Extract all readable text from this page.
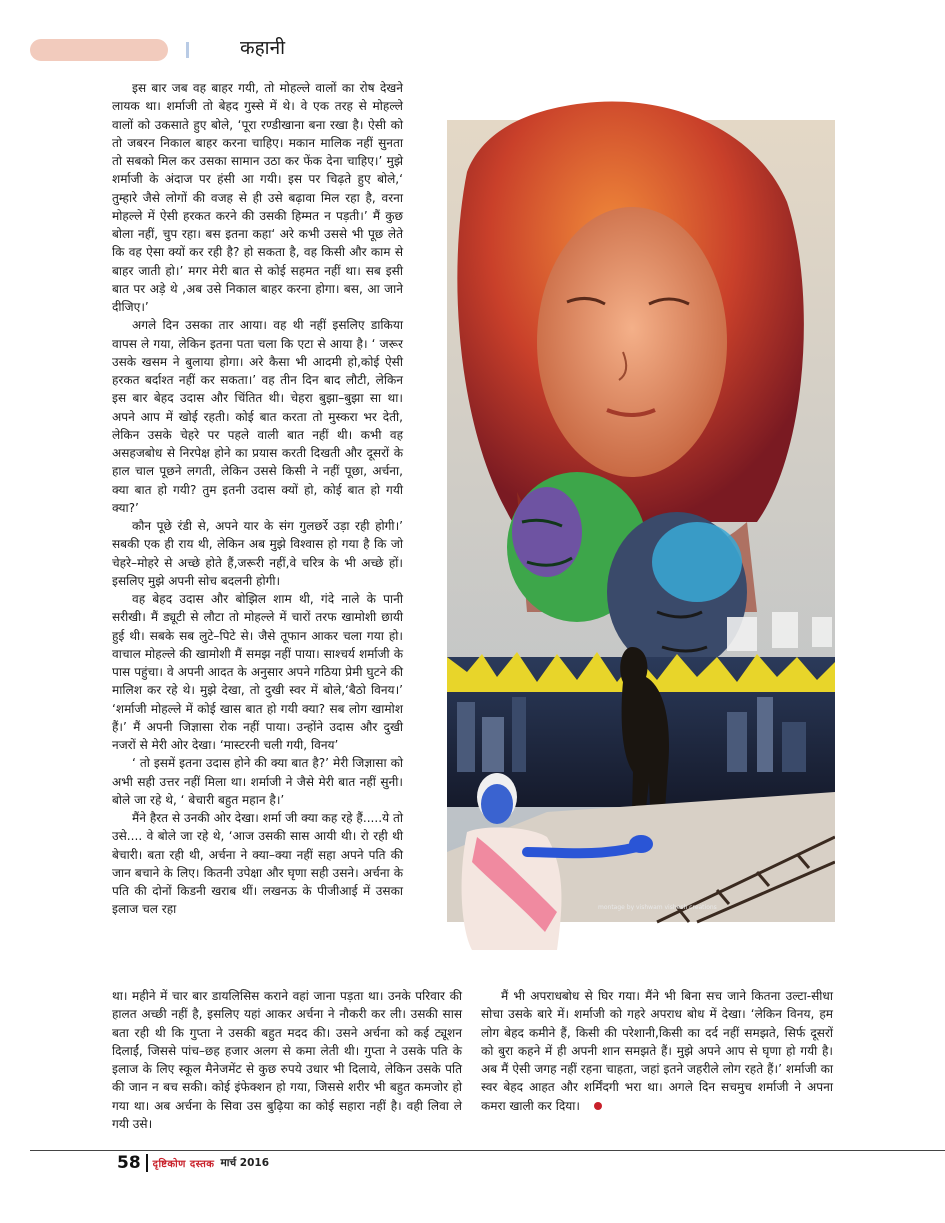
कहानी

इस बार जब वह बाहर गयी, तो मोहल्ले वालों का रोष देखने लायक था। शर्माजी तो बेहद गुस्से में थे। वे एक तरह से मोहल्ले वालों को उकसाते हुए बोले, ‘पूरा रण्डीखाना बना रखा है। ऐसी को तो जबरन निकाल बाहर करना चाहिए। मकान मालिक नहीं सुनता तो सबको मिल कर उसका सामान उठा कर फेंक देना चाहिए।’ मुझे शर्माजी के अंदाज पर हंसी आ गयी। इस पर चिढ़ते हुए बोले,‘ तुम्हारे जैसे लोगों की वजह से ही उसे बढ़ावा मिल रहा है, वरना मोहल्ले में ऐसी हरकत करने की उसकी हिम्मत न पड़ती।’ मैं कुछ बोला नहीं, चुप रहा। बस इतना कहा‘ अरे कभी उससे भी पूछ लेते कि वह ऐसा क्यों कर रही है? हो सकता है, वह किसी और काम से बाहर जाती हो।’ मगर मेरी बात से कोई सहमत नहीं था। सब इसी बात पर अड़े थे ,अब उसे निकाल बाहर करना होगा। बस, आ जाने दीजिए।’

अगले दिन उसका तार आया। वह थी नहीं इसलिए डाकिया वापस ले गया, लेकिन इतना पता चला कि एटा से आया है। ‘ जरूर उसके खसम ने बुलाया होगा। अरे कैसा भी आदमी हो,कोई ऐसी हरकत बर्दाश्त नहीं कर सकता।’ वह तीन दिन बाद लौटी, लेकिन इस बार बेहद उदास और चिंतित थी। चेहरा बुझा–बुझा सा था। अपने आप में खोई रहती। कोई बात करता तो मुस्करा भर देती, लेकिन उसके चेहरे पर पहले वाली बात नहीं थी। कभी वह असहजबोध से निरपेक्ष होने का प्रयास करती दिखती और दूसरों के हाल चाल पूछने लगती, लेकिन उससे किसी ने नहीं पूछा, अर्चना, क्या बात हो गयी? तुम इतनी उदास क्यों हो, कोई बात हो गयी क्या?’

कौन पूछे रंडी से, अपने यार के संग गुलछर्रे उड़ा रही होगी।’ सबकी एक ही राय थी, लेकिन अब मुझे विश्वास हो गया है कि जो चेहरे–मोहरे से अच्छे होते हैं,जरूरी नहीं,वे चरित्र के भी अच्छे हों। इसलिए मुझे अपनी सोच बदलनी होगी।

वह बेहद उदास और बोझिल शाम थी, गंदे नाले के पानी सरीखी। मैं ड्यूटी से लौटा तो मोहल्ले में चारों तरफ खामोशी छायी हुई थी। सबके सब लुटे–पिटे से। जैसे तूफान आकर चला गया हो। वाचाल मोहल्ले की खामोशी मैं समझ नहीं पाया। साश्चर्य शर्माजी के पास पहुंचा। वे अपनी आदत के अनुसार अपने गठिया प्रेमी घुटने की मालिश कर रहे थे। मुझे देखा, तो दुखी स्वर में बोले,‘बैठो विनय।’ ‘शर्माजी मोहल्ले में कोई खास बात हो गयी क्या? सब लोग खामोश हैं।’ मैं अपनी जिज्ञासा रोक नहीं पाया। उन्होंने उदास और दुखी नजरों से मेरी ओर देखा। ‘मास्टरनी चली गयी, विनय’

‘ तो इसमें इतना उदास होने की क्या बात है?’ मेरी जिज्ञासा को अभी सही उत्तर नहीं मिला था। शर्माजी ने जैसे मेरी बात नहीं सुनी। बोले जा रहे थे, ‘ बेचारी बहुत महान है।’

मैंने हैरत से उनकी ओर देखा। शर्मा जी क्या कह रहे हैं.....ये तो उसे.... वे बोले जा रहे थे, ‘आज उसकी सास आयी थी। रो रही थी बेचारी। बता रही थी, अर्चना ने क्या–क्या नहीं सहा अपने पति की जान बचाने के लिए। कितनी उपेक्षा और घृणा सही उसने। अर्चना के पति की दोनों किडनी खराब थीं। लखनऊ के पीजीआई में उसका इलाज चल रहा	montage by vishwam vishesh creations

था। महीने में चार बार डायलिसिस कराने वहां जाना पड़ता था। उनके परिवार की हालत अच्छी नहीं है, इसलिए यहां आकर अर्चना ने नौकरी कर ली। उसकी सास बता रही थी कि गुप्ता ने उसकी बहुत मदद की। उसने अर्चना को कई ट्यूशन दिलाईं, जिससे पांच–छह हजार अलग से कमा लेती थी। गुप्ता ने उसके पति के इलाज के लिए स्कूल मैनेजमेंट से कुछ रुपये उधार भी दिलाये, लेकिन उसके पति की जान न बच सकी। कोई इंफेक्शन हो गया, जिससे शरीर भी बहुत कमजोर हो गया था। अब अर्चना के सिवा उस बुढ़िया का कोई सहारा नहीं है। वही लिवा ले गयी उसे।

मैं भी अपराधबोध से घिर गया। मैंने भी बिना सच जाने कितना उल्टा-सीधा सोचा उसके बारे में। शर्माजी को गहरे अपराध बोध में देखा। ‘लेकिन विनय, हम लोग बेहद कमीने हैं, किसी की परेशानी,किसी का दर्द नहीं समझते, सिर्फ दूसरों को बुरा कहने में ही अपनी शान समझते हैं। मुझे अपने आप से घृणा हो गयी है। अब मैं ऐसी जगह नहीं रहना चाहता, जहां इतने जहरीले लोग रहते हैं।’ शर्माजी का स्वर बेहद आहत और शर्मिंदगी भरा था। अगले दिन सचमुच शर्माजी ने अपना कमरा खाली कर दिया।

58 दृष्टिकोण दस्तक मार्च 2016
